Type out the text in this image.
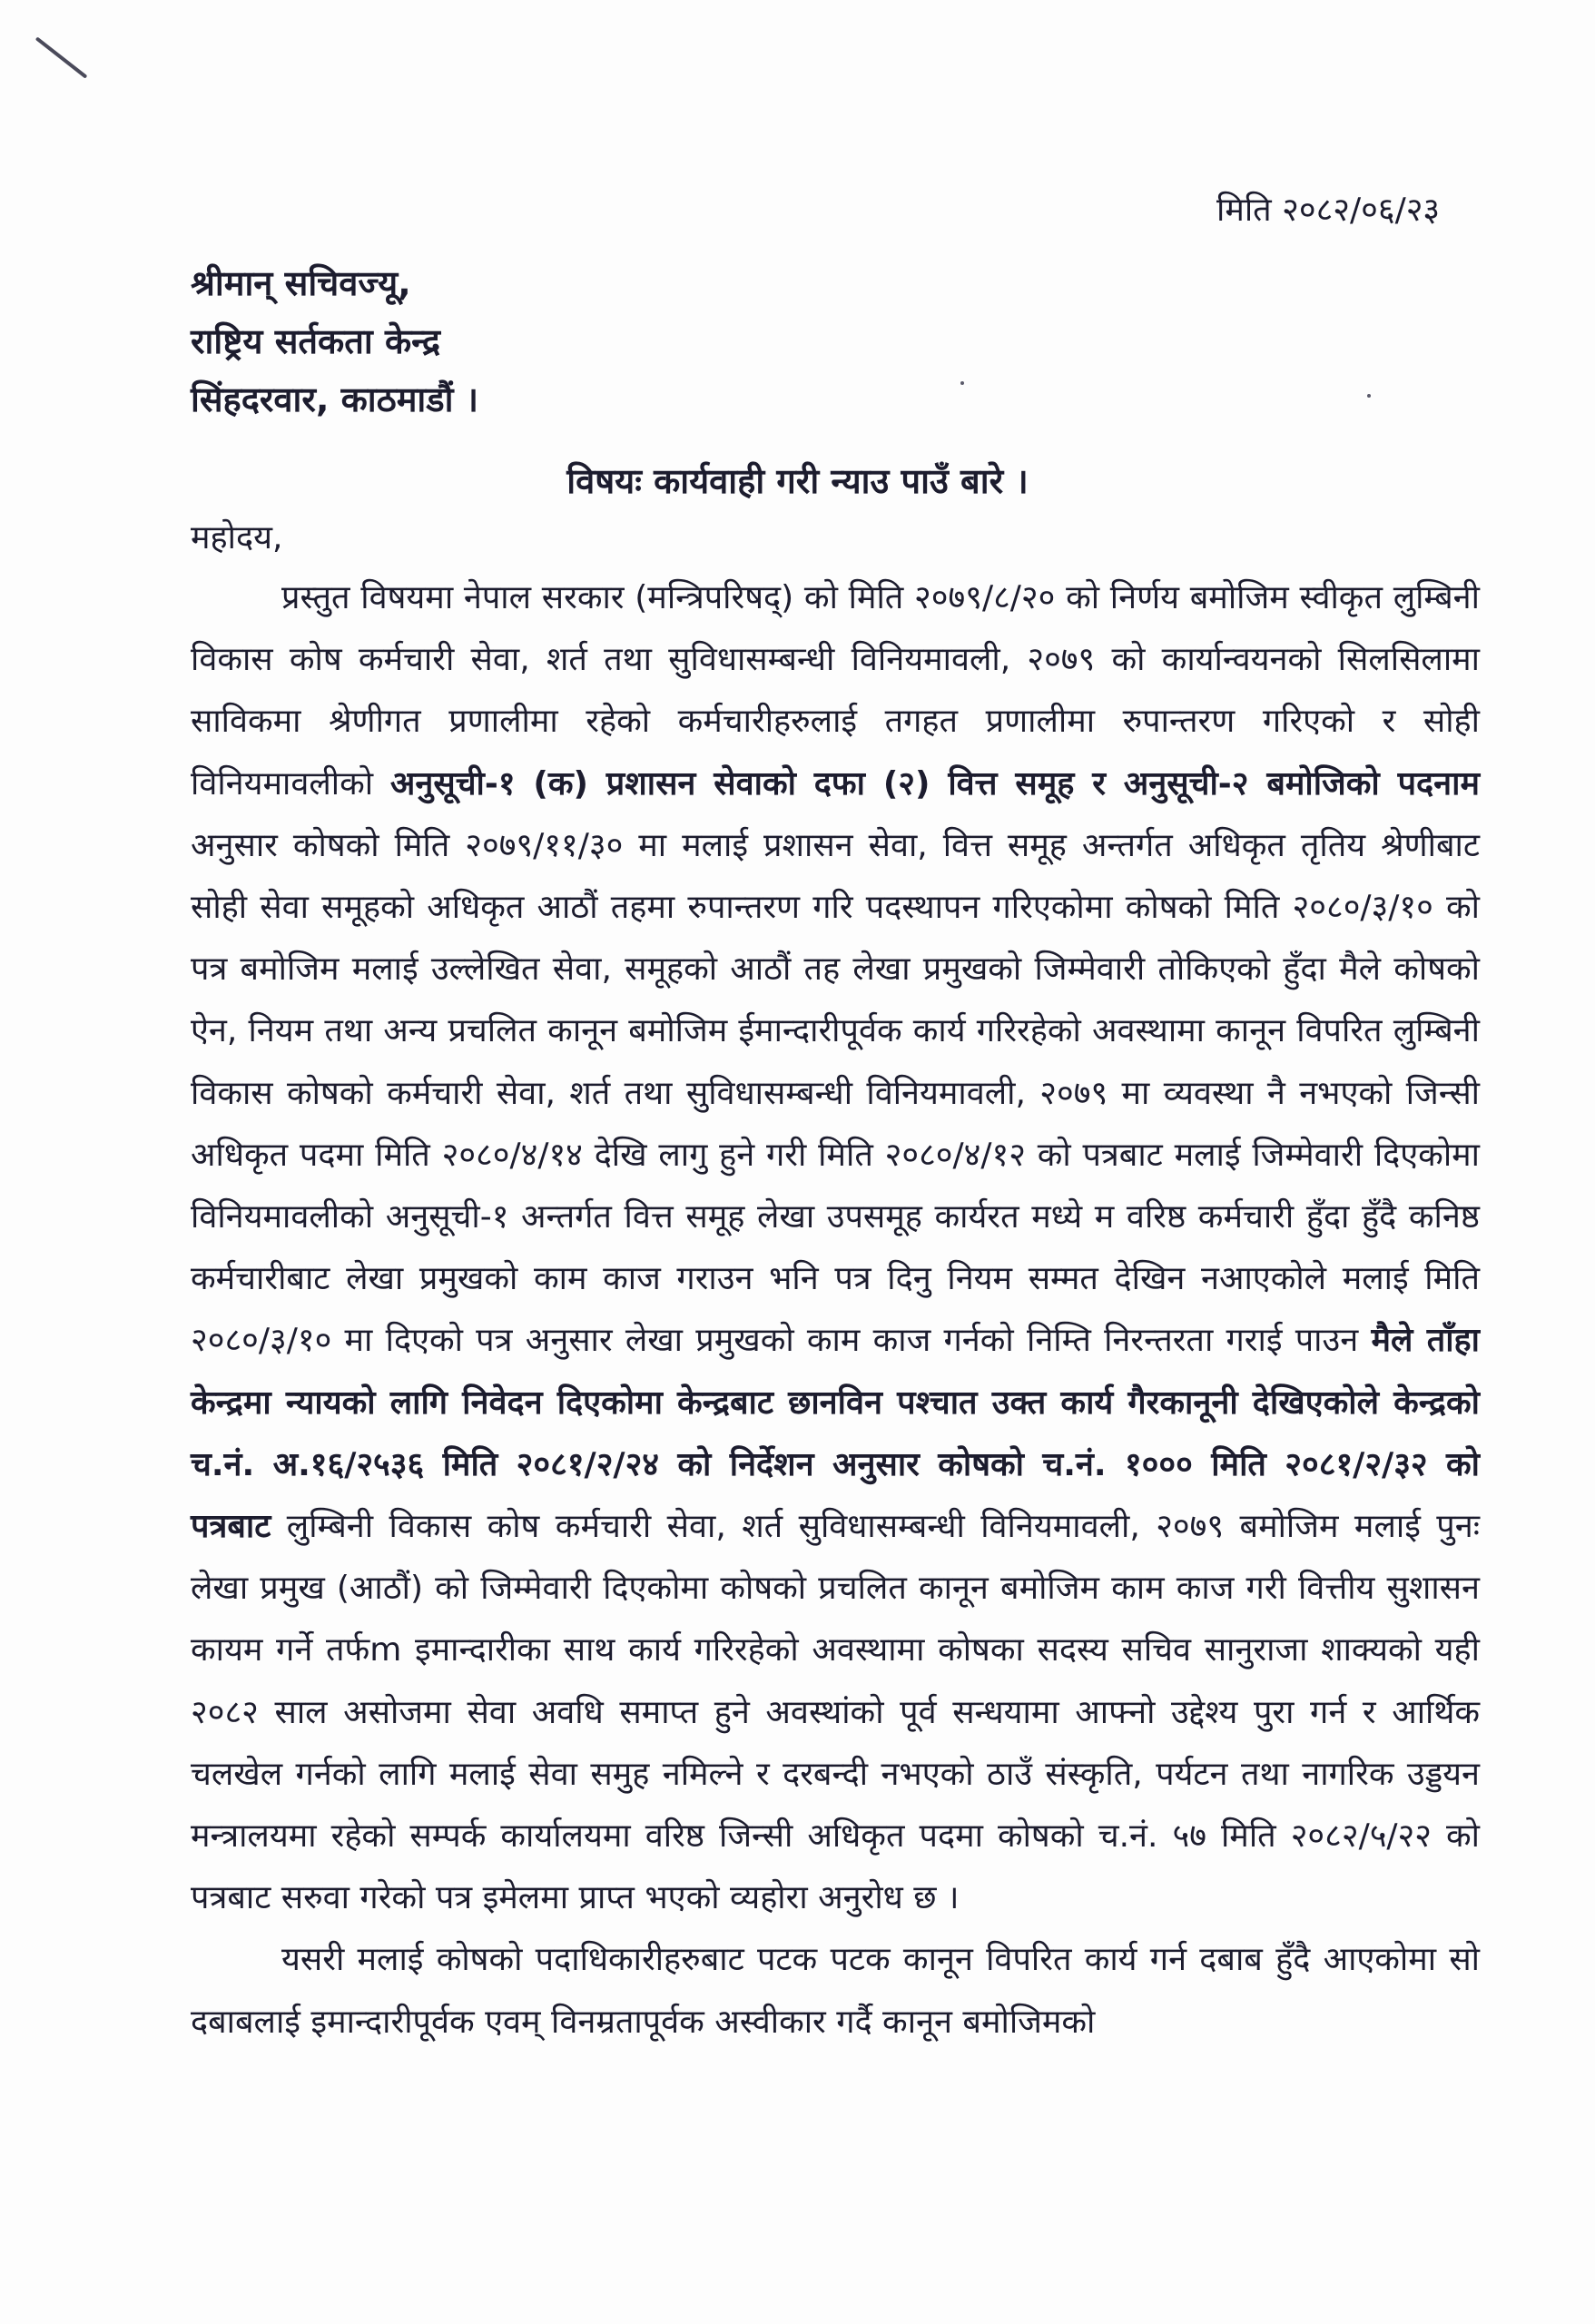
मिति २०८२/०६/२३
श्रीमान् सचिवज्यू,
राष्ट्रिय सर्तकता केन्द्र
सिंहदरवार, काठमाडौं ।
विषयः कार्यवाही गरी न्याउ पाउँ बारे ।
महोदय,

प्रस्तुत विषयमा नेपाल सरकार (मन्त्रिपरिषद्) को मिति २०७९/८/२० को निर्णय बमोजिम स्वीकृत लुम्बिनी विकास कोष कर्मचारी सेवा, शर्त तथा सुविधासम्बन्धी विनियमावली, २०७९ को कार्यान्वयनको सिलसिलामा साविकमा श्रेणीगत प्रणालीमा रहेको कर्मचारीहरुलाई तगहत प्रणालीमा रुपान्तरण गरिएको र सोही विनियमावलीको अनुसूची-१ (क) प्रशासन सेवाको दफा (२) वित्त समूह र अनुसूची-२ बमोजिको पदनाम अनुसार कोषको मिति २०७९/११/३० मा मलाई प्रशासन सेवा, वित्त समूह अन्तर्गत अधिकृत तृतिय श्रेणीबाट सोही सेवा समूहको अधिकृत आठौं तहमा रुपान्तरण गरि पदस्थापन गरिएकोमा कोषको मिति २०८०/३/१० को पत्र बमोजिम मलाई उल्लेखित सेवा, समूहको आठौं तह लेखा प्रमुखको जिम्मेवारी तोकिएको हुँदा मैले कोषको ऐन, नियम तथा अन्य प्रचलित कानून बमोजिम ईमान्दारीपूर्वक कार्य गरिरहेको अवस्थामा कानून विपरित लुम्बिनी विकास कोषको कर्मचारी सेवा, शर्त तथा सुविधासम्बन्धी विनियमावली, २०७९ मा व्यवस्था नै नभएको जिन्सी अधिकृत पदमा मिति २०८०/४/१४ देखि लागु हुने गरी मिति २०८०/४/१२ को पत्रबाट मलाई जिम्मेवारी दिएकोमा विनियमावलीको अनुसूची-१ अन्तर्गत वित्त समूह लेखा उपसमूह कार्यरत मध्ये म वरिष्ठ कर्मचारी हुँदा हुँदै कनिष्ठ कर्मचारीबाट लेखा प्रमुखको काम काज गराउन भनि पत्र दिनु नियम सम्मत देखिन नआएकोले मलाई मिति २०८०/३/१० मा दिएको पत्र अनुसार लेखा प्रमुखको काम काज गर्नको निम्ति निरन्तरता गराई पाउन मैले ताँहा केन्द्रमा न्यायको लागि निवेदन दिएकोमा केन्द्रबाट छानविन पश्चात उक्त कार्य गैरकानूनी देखिएकोले केन्द्रको च.नं. अ.१६/२५३६ मिति २०८१/२/२४ को निर्देशन अनुसार कोषको च.नं. १००० मिति २०८१/२/३२ को पत्रबाट लुम्बिनी विकास कोष कर्मचारी सेवा, शर्त सुविधासम्बन्धी विनियमावली, २०७९ बमोजिम मलाई पुनः लेखा प्रमुख (आठौं) को जिम्मेवारी दिएकोमा कोषको प्रचलित कानून बमोजिम काम काज गरी वित्तीय सुशासन कायम गर्ने तर्फm इमान्दारीका साथ कार्य गरिरहेको अवस्थामा कोषका सदस्य सचिव सानुराजा शाक्यको यही २०८२ साल असोजमा सेवा अवधि समाप्त हुने अवस्थांको पूर्व सन्धयामा आफ्नो उद्देश्य पुरा गर्न र आर्थिक चलखेल गर्नको लागि मलाई सेवा समुह नमिल्ने र दरबन्दी नभएको ठाउँ संस्कृति, पर्यटन तथा नागरिक उड्डयन मन्त्रालयमा रहेको सम्पर्क कार्यालयमा वरिष्ठ जिन्सी अधिकृत पदमा कोषको च.नं. ५७ मिति २०८२/५/२२ को पत्रबाट सरुवा गरेको पत्र इमेलमा प्राप्त भएको व्यहोरा अनुरोध छ ।

यसरी मलाई कोषको पदाधिकारीहरुबाट पटक पटक कानून विपरित कार्य गर्न दबाब हुँदै आएकोमा सो दबाबलाई इमान्दारीपूर्वक एवम् विनम्रतापूर्वक अस्वीकार गर्दै कानून बमोजिमको
